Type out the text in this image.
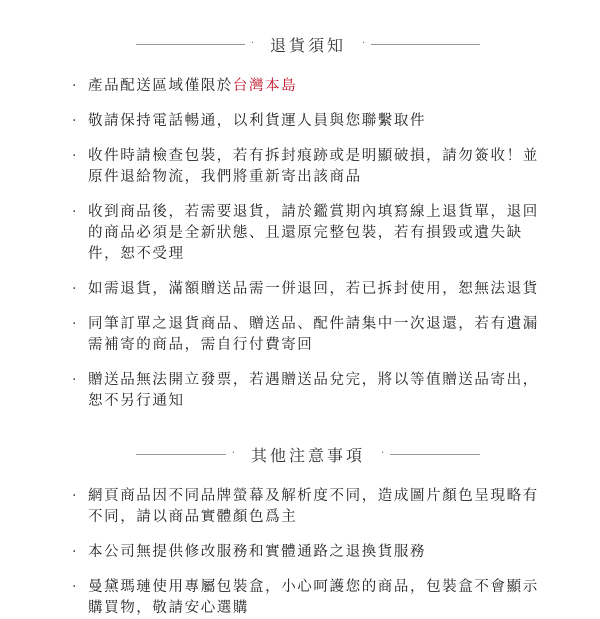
·	退貨須知	·
· 產品配送區域僅限於台灣本島
· 敬請保持電話暢通，以利貨運人員與您聯繫取件
· 收件時請檢查包裝，若有拆封痕跡或是明顯破損，請勿簽收！並原件退給物流，我們將重新寄出該商品
· 收到商品後，若需要退貨，請於鑑賞期內填寫線上退貨單，退回的商品必須是全新狀態、且還原完整包裝，若有損毀或遺失缺件，恕不受理
· 如需退貨，滿額贈送品需一併退回，若已拆封使用，恕無法退貨
· 同筆訂單之退貨商品、贈送品、配件請集中一次退還，若有遺漏需補寄的商品，需自行付費寄回
· 贈送品無法開立發票，若遇贈送品兌完，將以等值贈送品寄出，恕不另行通知
·	其他注意事項	·
· 網頁商品因不同品牌螢幕及解析度不同，造成圖片顏色呈現略有不同，請以商品實體顏色爲主
· 本公司無提供修改服務和實體通路之退換貨服務
· 曼黛瑪璉使用專屬包裝盒，小心呵護您的商品，包裝盒不會顯示購買物，敬請安心選購
